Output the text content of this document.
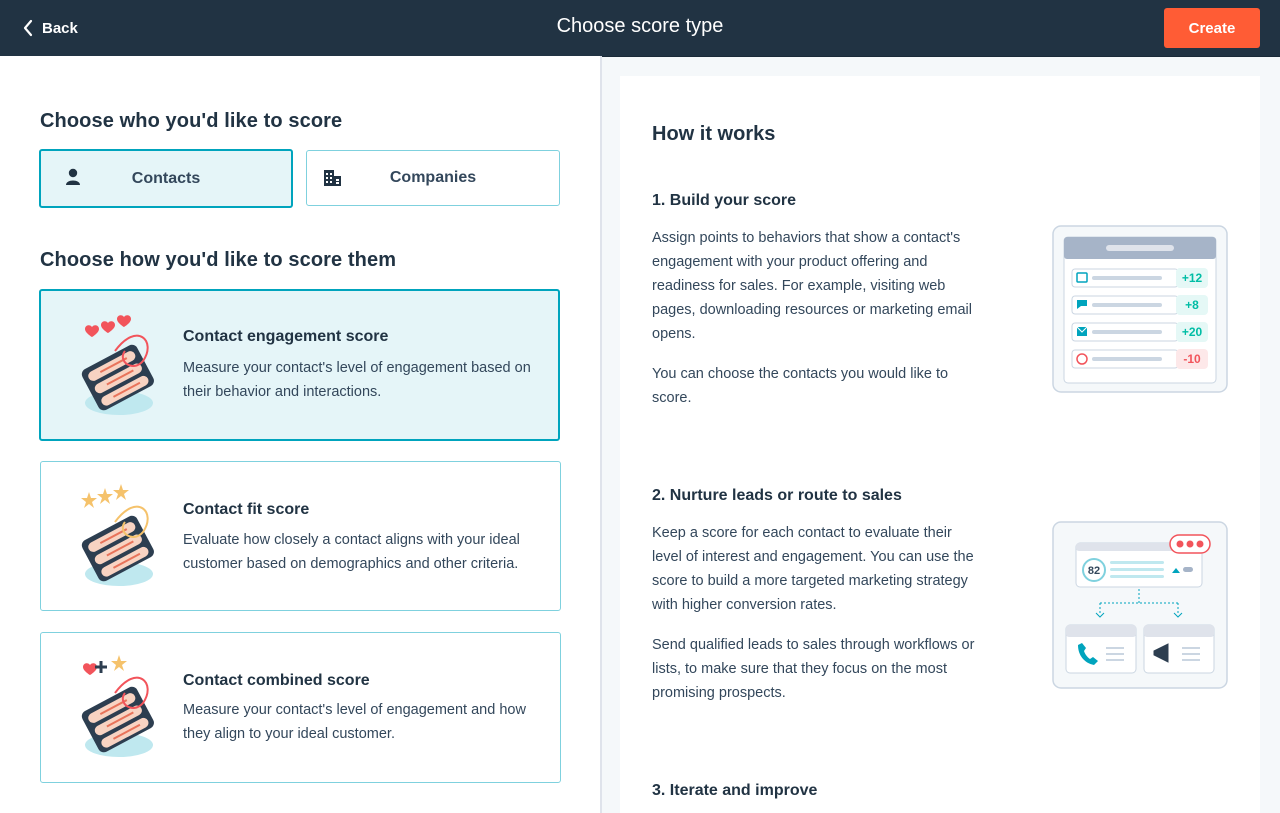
Back	Choose score type	Create
Choose who you'd like to score
Contacts	Companies
Choose how you'd like to score them
Contact engagement score
Measure your contact's level of engagement based on their behavior and interactions.
Contact fit score
Evaluate how closely a contact aligns with your ideal customer based on demographics and other criteria.
Contact combined score
Measure your contact's level of engagement and how they align to your ideal customer.
How it works
1. Build your score

Assign points to behaviors that show a contact's engagement with your product offering and readiness for sales. For example, visiting web pages, downloading resources or marketing email opens.

You can choose the contacts you would like to score.

+12
+8
+20
-10
2. Nurture leads or route to sales

Keep a score for each contact to evaluate their level of interest and engagement. You can use the score to build a more targeted marketing strategy with higher conversion rates.

Send qualified leads to sales through workflows or lists, to make sure that they focus on the most promising prospects.

82
3. Iterate and improve
